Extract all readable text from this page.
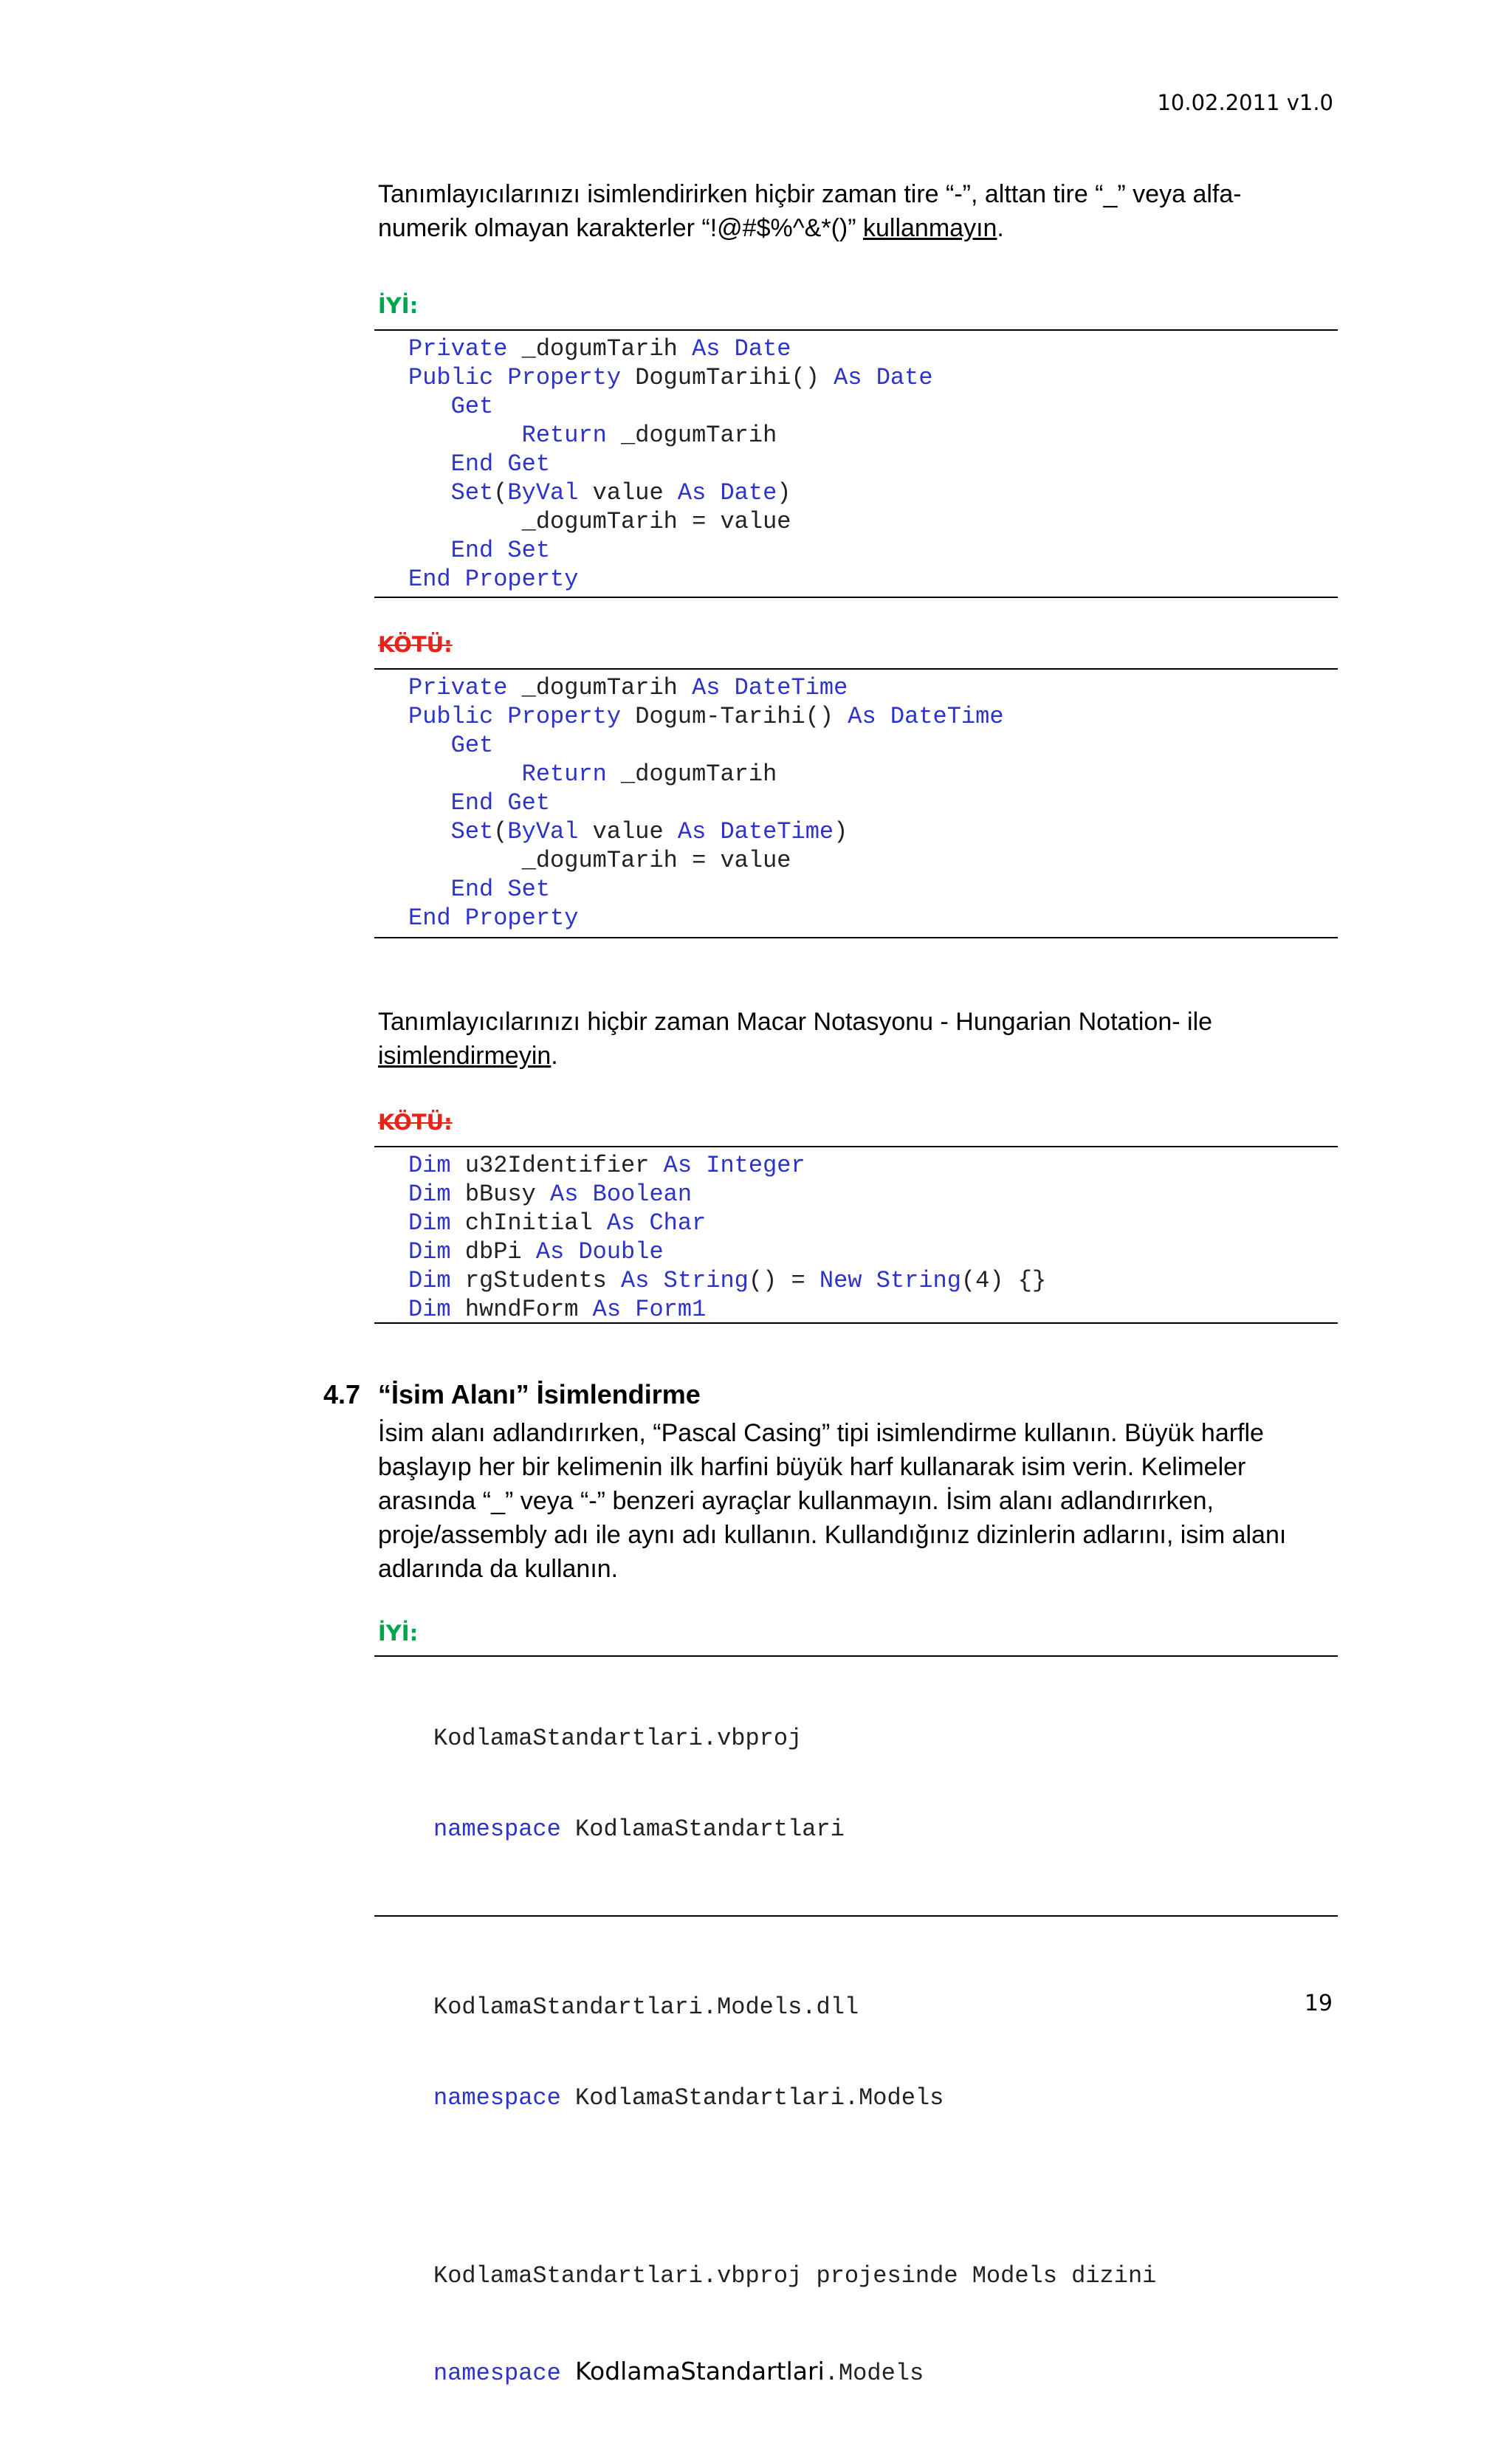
10.02.2011 v1.0

Tanımlayıcılarınızı isimlendirirken hiçbir zaman tire “-”, alttan tire “_” veya alfa-

numerik olmayan karakterler “!@#$%^&*()” kullanmayın.

İYİ:
Private _dogumTarih As Date
Public Property DogumTarihi() As Date
Get
Return _dogumTarih
End Get
Set(ByVal value As Date)
_dogumTarih = value
End Set
End Property
KÖTÜ:
Private _dogumTarih As DateTime
Public Property Dogum-Tarihi() As DateTime
Get
Return _dogumTarih
End Get
Set(ByVal value As DateTime)
_dogumTarih = value
End Set
End Property

Tanımlayıcılarınızı hiçbir zaman Macar Notasyonu - Hungarian Notation- ile

isimlendirmeyin.

KÖTÜ:
Dim u32Identifier As Integer
Dim bBusy As Boolean
Dim chInitial As Char
Dim dbPi As Double
Dim rgStudents As String() = New String(4) {}
Dim hwndForm As Form1
4.7 “İsim Alanı” İsimlendirme

İsim alanı adlandırırken, “Pascal Casing” tipi isimlendirme kullanın. Büyük harfle

başlayıp her bir kelimenin ilk harfini büyük harf kullanarak isim verin. Kelimeler

arasında “_” veya “-” benzeri ayraçlar kullanmayın. İsim alanı adlandırırken,

proje/assembly adı ile aynı adı kullanın. Kullandığınız dizinlerin adlarını, isim alanı

adlarında da kullanın.

İYİ:

KodlamaStandartlari.vbproj

namespace KodlamaStandartlari

KodlamaStandartlari.Models.dll

namespace KodlamaStandartlari.Models

KodlamaStandartlari.vbproj projesinde Models dizini

namespace KodlamaStandartlari.Models

19
